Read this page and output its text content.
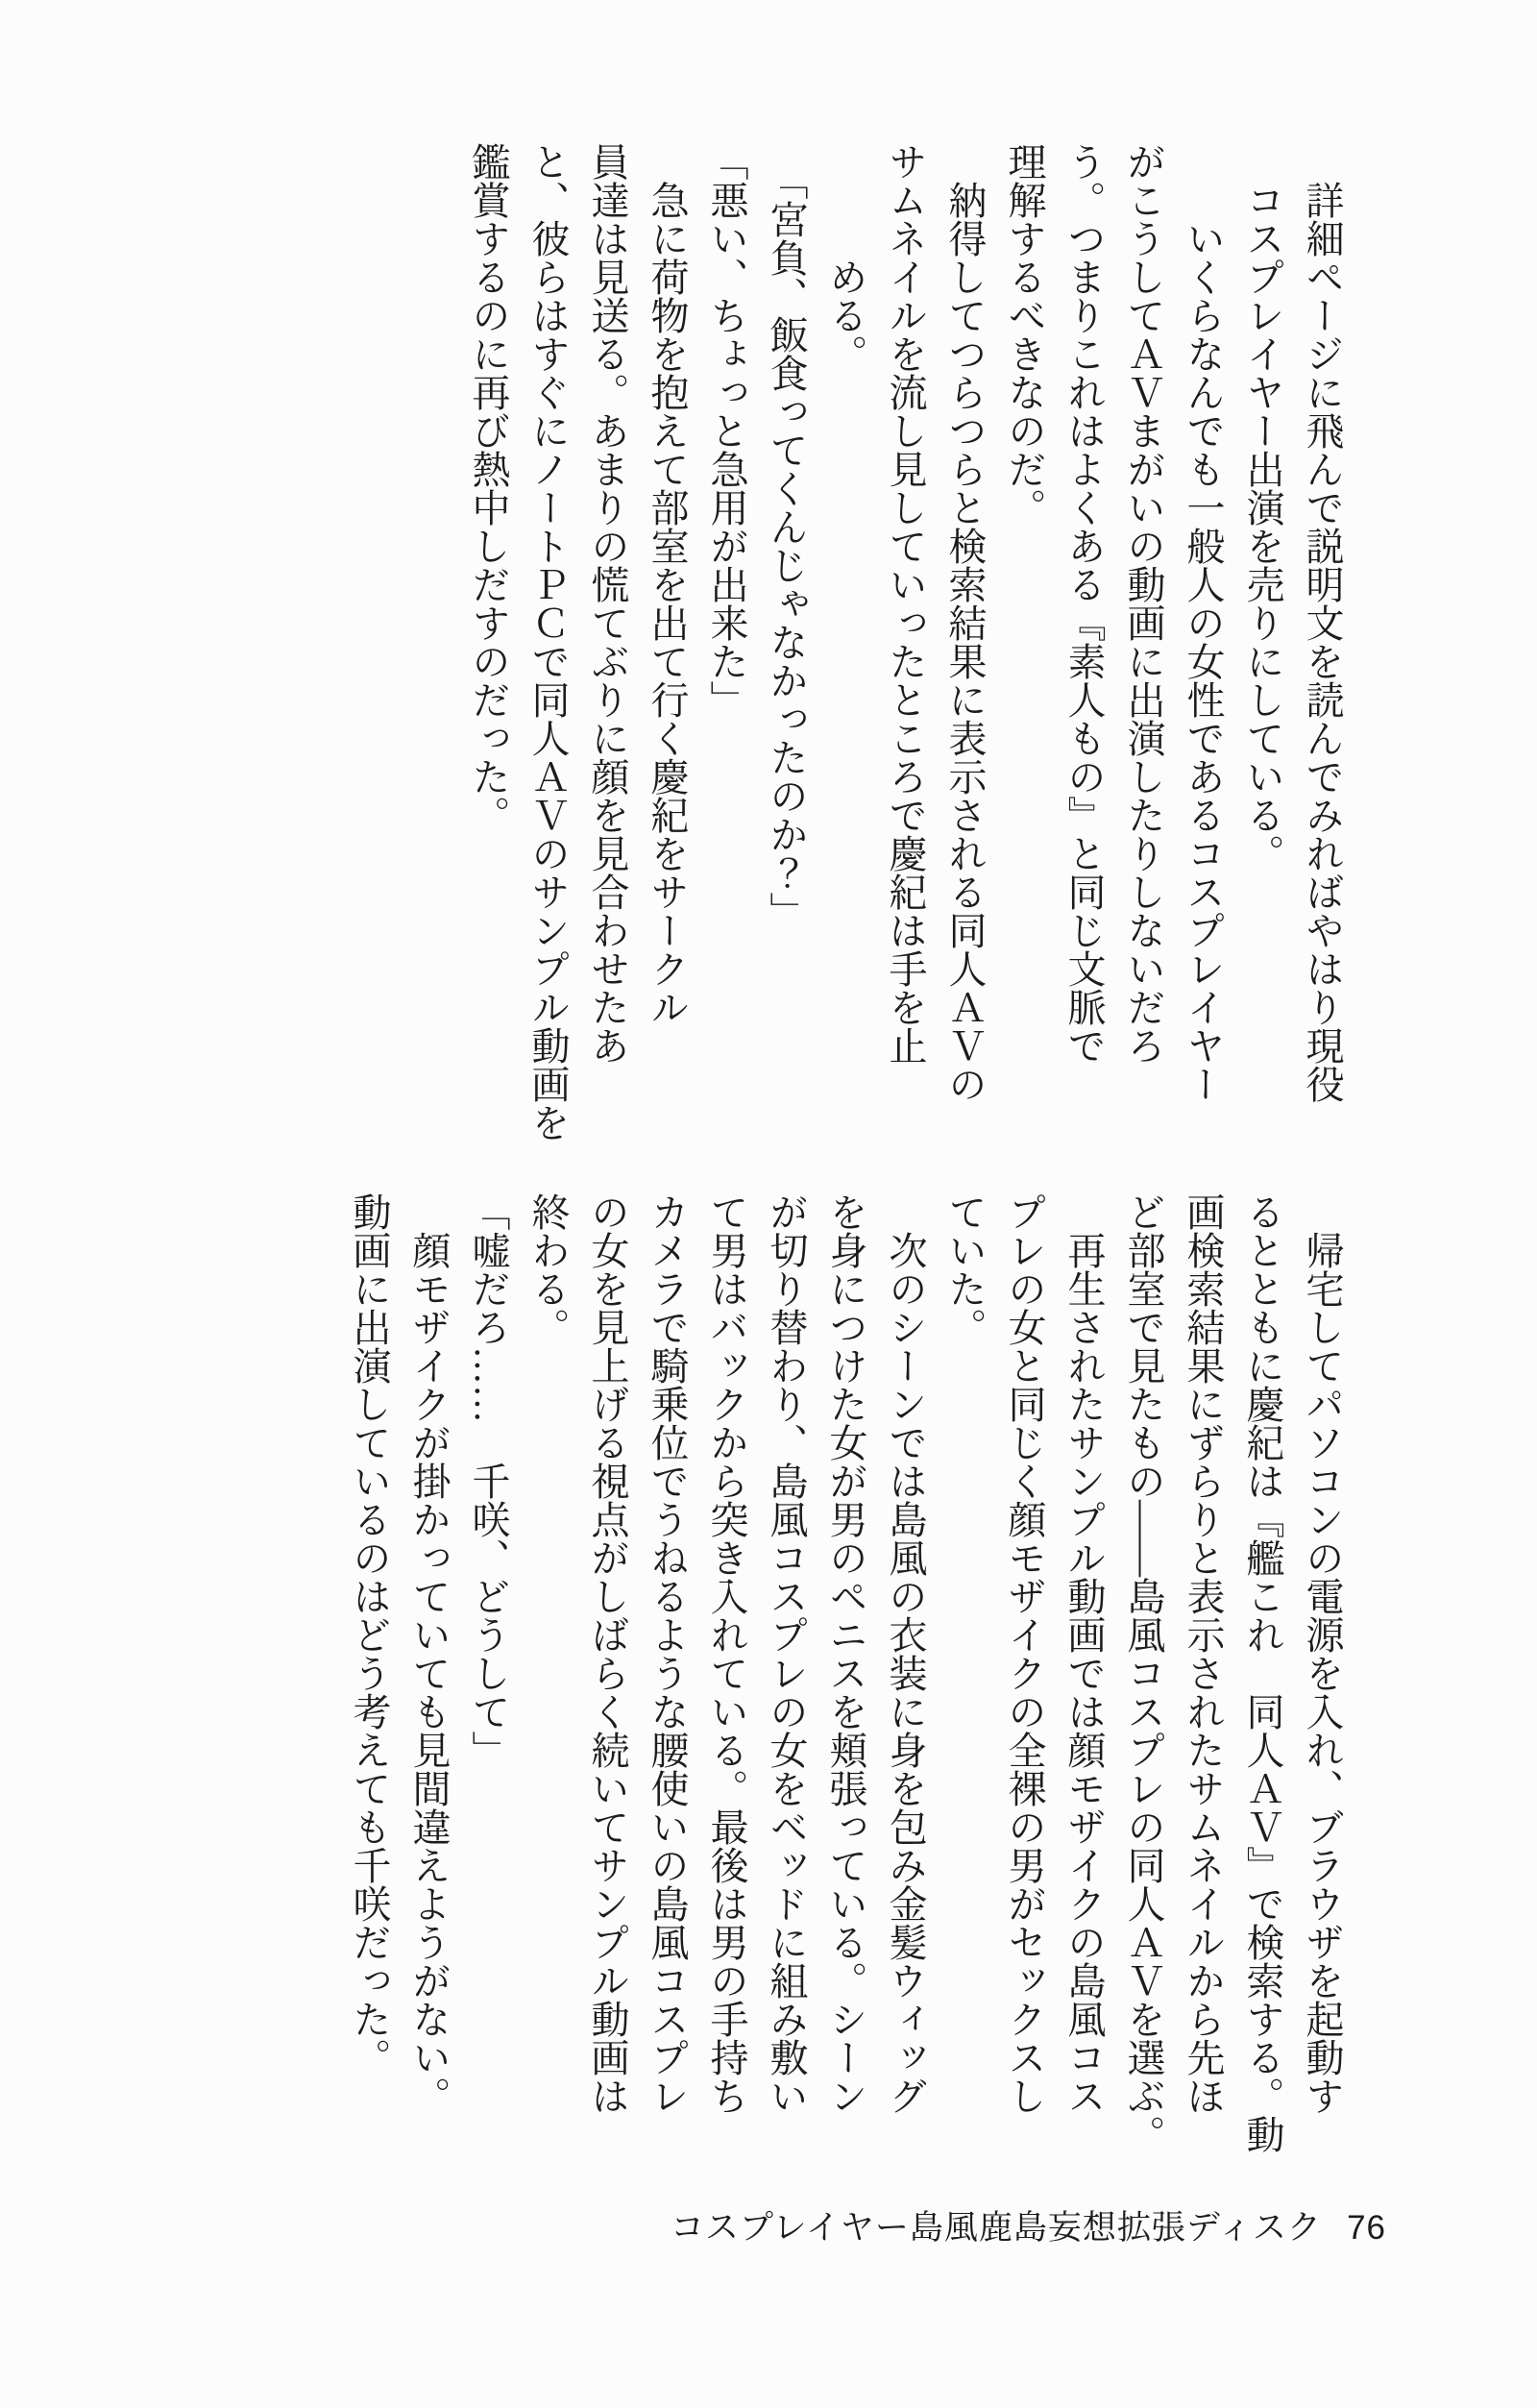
　詳細ページに飛んで説明文を読んでみればやはり現役
　コスプレイヤー出演を売りにしている。
　　いくらなんでも一般人の女性であるコスプレイヤー
がこうしてＡＶまがいの動画に出演したりしないだろ
う。つまりこれはよくある『素人もの』と同じ文脈で
理解するべきなのだ。
　納得してつらつらと検索結果に表示される同人ＡＶの
サムネイルを流し見していったところで慶紀は手を止
　　　める。
　「宮負、飯食ってくんじゃなかったのか？」
「悪い、ちょっと急用が出来た」
　急に荷物を抱えて部室を出て行く慶紀をサークル
員達は見送る。あまりの慌てぶりに顔を見合わせたあ
と、彼らはすぐにノートＰＣで同人ＡＶのサンプル動画を
鑑賞するのに再び熱中しだすのだった。
　帰宅してパソコンの電源を入れ、ブラウザを起動す
るとともに慶紀は『艦これ　同人ＡＶ』で検索する。動
画検索結果にずらりと表示されたサムネイルから先ほ
ど部室で見たもの――島風コスプレの同人ＡＶを選ぶ。
　再生されたサンプル動画では顔モザイクの島風コス
プレの女と同じく顔モザイクの全裸の男がセックスし
ていた。
　次のシーンでは島風の衣装に身を包み金髪ウィッグ
を身につけた女が男のペニスを頬張っている。シーン
が切り替わり、島風コスプレの女をベッドに組み敷い
て男はバックから突き入れている。最後は男の手持ち
カメラで騎乗位でうねるような腰使いの島風コスプレ
の女を見上げる視点がしばらく続いてサンプル動画は
終わる。
「嘘だろ……　千咲、どうして」
　顔モザイクが掛かっていても見間違えようがない。
動画に出演しているのはどう考えても千咲だった。
コスプレイヤー島風鹿島妄想拡張ディスク 76
